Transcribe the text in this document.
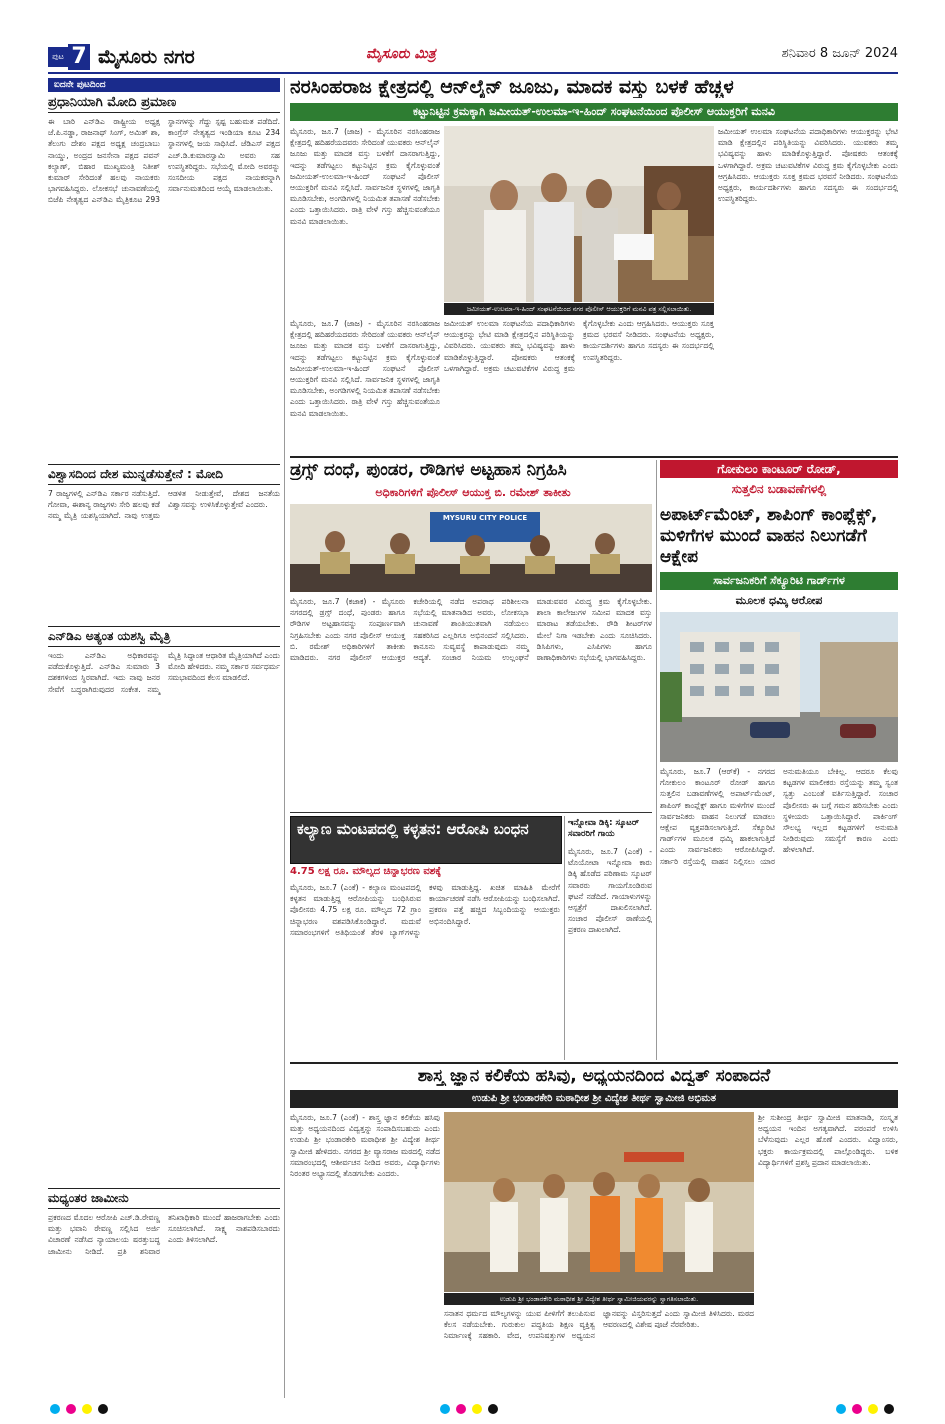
ಪುಟ 7 ಮೈಸೂರು ನಗರ	ಮೈಸೂರು ಮಿತ್ರ	ಶನಿವಾರ 8 ಜೂನ್ 2024
ಐದನೇ ಪುಟದಿಂದ
ಪ್ರಧಾನಿಯಾಗಿ ಮೋದಿ ಪ್ರಮಾಣ
ಈ ಬಾರಿ ಎನ್‌ಡಿಎ ರಾಷ್ಟ್ರೀಯ ಅಧ್ಯಕ್ಷ ಜೆ.ಪಿ.ನಡ್ಡಾ, ರಾಜನಾಥ್ ಸಿಂಗ್, ಅಮಿತ್ ಶಾ, ತೆಲುಗು ದೇಶಂ ಪಕ್ಷದ ಅಧ್ಯಕ್ಷ ಚಂದ್ರಬಾಬು ನಾಯ್ಡು, ಅಂದ್ರದ ಜನಸೇನಾ ಪಕ್ಷದ ಪವನ್ ಕಲ್ಯಾಣ್, ಬಿಹಾರ ಮುಖ್ಯಮಂತ್ರಿ ನಿತೀಶ್ ಕುಮಾರ್ ಸೇರಿದಂತೆ ಹಲವು ನಾಯಕರು ಭಾಗವಹಿಸಿದ್ದರು. ಲೋಕಸಭೆ ಚುನಾವಣೆಯಲ್ಲಿ ಬಿಜೆಪಿ ನೇತೃತ್ವದ ಎನ್‌ಡಿಎ ಮೈತ್ರಿಕೂಟ 293 ಸ್ಥಾನಗಳನ್ನು ಗೆದ್ದು ಸ್ಪಷ್ಟ ಬಹುಮತ ಪಡೆದಿದೆ. ಕಾಂಗ್ರೆಸ್ ನೇತೃತ್ವದ ಇಂಡಿಯಾ ಕೂಟ 234 ಸ್ಥಾನಗಳಲ್ಲಿ ಜಯ ಸಾಧಿಸಿದೆ. ಜೆಡಿಎಸ್ ಪಕ್ಷದ ಎಚ್.ಡಿ.ಕುಮಾರಸ್ವಾಮಿ ಅವರು ಸಹ ಉಪಸ್ಥಿತರಿದ್ದರು. ಸಭೆಯಲ್ಲಿ ಮೋದಿ ಅವರನ್ನು ಸಂಸದೀಯ ಪಕ್ಷದ ನಾಯಕರನ್ನಾಗಿ ಸರ್ವಾನುಮತದಿಂದ ಆಯ್ಕೆ ಮಾಡಲಾಯಿತು.
ವಿಶ್ವಾಸದಿಂದ ದೇಶ ಮುನ್ನಡೆಸುತ್ತೇನೆ : ಮೋದಿ
7 ರಾಜ್ಯಗಳಲ್ಲಿ ಎನ್‌ಡಿಎ ಸರ್ಕಾರ ನಡೆಸುತ್ತಿದೆ. ಗೋವಾ, ಈಶಾನ್ಯ ರಾಜ್ಯಗಳು ಸೇರಿ ಹಲವು ಕಡೆ ನಮ್ಮ ಮೈತ್ರಿ ಯಶಸ್ವಿಯಾಗಿದೆ. ನಾವು ಉತ್ತಮ ಆಡಳಿತ ನೀಡುತ್ತೇವೆ, ದೇಶದ ಜನತೆಯ ವಿಶ್ವಾಸವನ್ನು ಉಳಿಸಿಕೊಳ್ಳುತ್ತೇವೆ ಎಂದರು.
ಎನ್‌ಡಿಎ ಅತ್ಯಂತ ಯಶಸ್ವಿ ಮೈತ್ರಿ
ಇಂದು ಎನ್‌ಡಿಎ ಅಧಿಕಾರವನ್ನು ಪಡೆದುಕೊಳ್ಳುತ್ತಿದೆ. ಎನ್‌ಡಿಎ ಸುಮಾರು 3 ದಶಕಗಳಿಂದ ಸ್ಥಿರವಾಗಿದೆ. ಇದು ನಾವು ಜನರ ಸೇವೆಗೆ ಬದ್ಧರಾಗಿರುವುದರ ಸಂಕೇತ. ನಮ್ಮ ಮೈತ್ರಿ ಸಿದ್ಧಾಂತ ಆಧಾರಿತ ಮೈತ್ರಿಯಾಗಿದೆ ಎಂದು ಮೋದಿ ಹೇಳಿದರು. ನಮ್ಮ ಸರ್ಕಾರ ಸರ್ವಧರ್ಮ ಸಮಭಾವದಿಂದ ಕೆಲಸ ಮಾಡಲಿದೆ.
ಮಧ್ಯಂತರ ಜಾಮೀನು
ಪ್ರಕರಣದ ಮೊದಲ ಆರೋಪಿ ಎಚ್.ಡಿ.ರೇವಣ್ಣ ಮತ್ತು ಭವಾನಿ ರೇವಣ್ಣ ಸಲ್ಲಿಸಿದ ಅರ್ಜಿ ವಿಚಾರಣೆ ನಡೆಸಿದ ನ್ಯಾಯಾಲಯ ಷರತ್ತುಬದ್ಧ ಜಾಮೀನು ನೀಡಿದೆ. ಪ್ರತಿ ಶನಿವಾರ ತನಿಖಾಧಿಕಾರಿ ಮುಂದೆ ಹಾಜರಾಗಬೇಕು ಎಂದು ಸೂಚಿಸಲಾಗಿದೆ. ಸಾಕ್ಷ್ಯ ನಾಶಪಡಿಸಬಾರದು ಎಂದು ತಿಳಿಸಲಾಗಿದೆ.
ನರಸಿಂಹರಾಜ ಕ್ಷೇತ್ರದಲ್ಲಿ ಆನ್‌ಲೈನ್ ಜೂಜು, ಮಾದಕ ವಸ್ತು ಬಳಕೆ ಹೆಚ್ಚಳ
ಕಟ್ಟುನಿಟ್ಟಿನ ಕ್ರಮಕ್ಕಾಗಿ ಜಮೀಯತ್-ಉಲಮಾ-ಇ-ಹಿಂದ್ ಸಂಘಟನೆಯಿಂದ ಪೊಲೀಸ್ ಆಯುಕ್ತರಿಗೆ ಮನವಿ
ಜಮೀಯತ್-ಉಲಮಾ-ಇ-ಹಿಂದ್ ಸಂಘಟನೆಯಿಂದ ನಗರ ಪೊಲೀಸ್ ಆಯುಕ್ತರಿಗೆ ಮನವಿ ಪತ್ರ ಸಲ್ಲಿಸಲಾಯಿತು.
ಮೈಸೂರು, ಜೂ.7 (ಜಾಜ) - ಮೈಸೂರಿನ ನರಸಿಂಹರಾಜ ಕ್ಷೇತ್ರದಲ್ಲಿ ಹದಿಹರೆಯದವರು ಸೇರಿದಂತೆ ಯುವಕರು ಆನ್‌ಲೈನ್ ಜೂಜು ಮತ್ತು ಮಾದಕ ವಸ್ತು ಬಳಕೆಗೆ ದಾಸರಾಗುತ್ತಿದ್ದು, ಇದನ್ನು ತಡೆಗಟ್ಟಲು ಕಟ್ಟುನಿಟ್ಟಿನ ಕ್ರಮ ಕೈಗೊಳ್ಳುವಂತೆ ಜಮೀಯತ್-ಉಲಮಾ-ಇ-ಹಿಂದ್ ಸಂಘಟನೆ ಪೊಲೀಸ್ ಆಯುಕ್ತರಿಗೆ ಮನವಿ ಸಲ್ಲಿಸಿದೆ. ಸಾರ್ವಜನಿಕ ಸ್ಥಳಗಳಲ್ಲಿ ಜಾಗೃತಿ ಮೂಡಿಸಬೇಕು, ಅಂಗಡಿಗಳಲ್ಲಿ ನಿಯಮಿತ ತಪಾಸಣೆ ನಡೆಸಬೇಕು ಎಂದು ಒತ್ತಾಯಿಸಿದರು. ರಾತ್ರಿ ವೇಳೆ ಗಸ್ತು ಹೆಚ್ಚಿಸುವಂತೆಯೂ ಮನವಿ ಮಾಡಲಾಯಿತು.
ಜಮೀಯತ್ ಉಲಮಾ ಸಂಘಟನೆಯ ಪದಾಧಿಕಾರಿಗಳು ಆಯುಕ್ತರನ್ನು ಭೇಟಿ ಮಾಡಿ ಕ್ಷೇತ್ರದಲ್ಲಿನ ಪರಿಸ್ಥಿತಿಯನ್ನು ವಿವರಿಸಿದರು. ಯುವಕರು ತಮ್ಮ ಭವಿಷ್ಯವನ್ನು ಹಾಳು ಮಾಡಿಕೊಳ್ಳುತ್ತಿದ್ದಾರೆ. ಪೋಷಕರು ಆತಂಕಕ್ಕೆ ಒಳಗಾಗಿದ್ದಾರೆ. ಅಕ್ರಮ ಚಟುವಟಿಕೆಗಳ ವಿರುದ್ಧ ಕ್ರಮ ಕೈಗೊಳ್ಳಬೇಕು ಎಂದು ಆಗ್ರಹಿಸಿದರು. ಆಯುಕ್ತರು ಸೂಕ್ತ ಕ್ರಮದ ಭರವಸೆ ನೀಡಿದರು. ಸಂಘಟನೆಯ ಅಧ್ಯಕ್ಷರು, ಕಾರ್ಯದರ್ಶಿಗಳು ಹಾಗೂ ಸದಸ್ಯರು ಈ ಸಂದರ್ಭದಲ್ಲಿ ಉಪಸ್ಥಿತರಿದ್ದರು.
ಜಮೀಯತ್ ಉಲಮಾ ಸಂಘಟನೆಯ ಪದಾಧಿಕಾರಿಗಳು ಆಯುಕ್ತರನ್ನು ಭೇಟಿ ಮಾಡಿ ಕ್ಷೇತ್ರದಲ್ಲಿನ ಪರಿಸ್ಥಿತಿಯನ್ನು ವಿವರಿಸಿದರು. ಯುವಕರು ತಮ್ಮ ಭವಿಷ್ಯವನ್ನು ಹಾಳು ಮಾಡಿಕೊಳ್ಳುತ್ತಿದ್ದಾರೆ. ಪೋಷಕರು ಆತಂಕಕ್ಕೆ ಒಳಗಾಗಿದ್ದಾರೆ. ಅಕ್ರಮ ಚಟುವಟಿಕೆಗಳ ವಿರುದ್ಧ ಕ್ರಮ ಕೈಗೊಳ್ಳಬೇಕು ಎಂದು ಆಗ್ರಹಿಸಿದರು. ಆಯುಕ್ತರು ಸೂಕ್ತ ಕ್ರಮದ ಭರವಸೆ ನೀಡಿದರು. ಸಂಘಟನೆಯ ಅಧ್ಯಕ್ಷರು, ಕಾರ್ಯದರ್ಶಿಗಳು ಹಾಗೂ ಸದಸ್ಯರು ಈ ಸಂದರ್ಭದಲ್ಲಿ ಉಪಸ್ಥಿತರಿದ್ದರು.
ಮೈಸೂರು, ಜೂ.7 (ಜಾಜ) - ಮೈಸೂರಿನ ನರಸಿಂಹರಾಜ ಕ್ಷೇತ್ರದಲ್ಲಿ ಹದಿಹರೆಯದವರು ಸೇರಿದಂತೆ ಯುವಕರು ಆನ್‌ಲೈನ್ ಜೂಜು ಮತ್ತು ಮಾದಕ ವಸ್ತು ಬಳಕೆಗೆ ದಾಸರಾಗುತ್ತಿದ್ದು, ಇದನ್ನು ತಡೆಗಟ್ಟಲು ಕಟ್ಟುನಿಟ್ಟಿನ ಕ್ರಮ ಕೈಗೊಳ್ಳುವಂತೆ ಜಮೀಯತ್-ಉಲಮಾ-ಇ-ಹಿಂದ್ ಸಂಘಟನೆ ಪೊಲೀಸ್ ಆಯುಕ್ತರಿಗೆ ಮನವಿ ಸಲ್ಲಿಸಿದೆ. ಸಾರ್ವಜನಿಕ ಸ್ಥಳಗಳಲ್ಲಿ ಜಾಗೃತಿ ಮೂಡಿಸಬೇಕು, ಅಂಗಡಿಗಳಲ್ಲಿ ನಿಯಮಿತ ತಪಾಸಣೆ ನಡೆಸಬೇಕು ಎಂದು ಒತ್ತಾಯಿಸಿದರು. ರಾತ್ರಿ ವೇಳೆ ಗಸ್ತು ಹೆಚ್ಚಿಸುವಂತೆಯೂ ಮನವಿ ಮಾಡಲಾಯಿತು.
ಡ್ರಗ್ಸ್ ದಂಧೆ, ಪುಂಡರ, ರೌಡಿಗಳ ಅಟ್ಟಹಾಸ ನಿಗ್ರಹಿಸಿ
ಅಧಿಕಾರಿಗಳಿಗೆ ಪೊಲೀಸ್ ಆಯುಕ್ತ ಬಿ. ರಮೇಶ್ ತಾಕೀತು
MYSURU CITY POLICE
ಮೈಸೂರು, ಜೂ.7 (ಕಜಾಕ) - ಮೈಸೂರು ನಗರದಲ್ಲಿ ಡ್ರಗ್ಸ್ ದಂಧೆ, ಪುಂಡರು ಹಾಗೂ ರೌಡಿಗಳ ಅಟ್ಟಹಾಸವನ್ನು ಸಂಪೂರ್ಣವಾಗಿ ನಿಗ್ರಹಿಸಬೇಕು ಎಂದು ನಗರ ಪೊಲೀಸ್ ಆಯುಕ್ತ ಬಿ. ರಮೇಶ್ ಅಧಿಕಾರಿಗಳಿಗೆ ತಾಕೀತು ಮಾಡಿದರು. ನಗರ ಪೊಲೀಸ್ ಆಯುಕ್ತರ ಕಚೇರಿಯಲ್ಲಿ ನಡೆದ ಅಪರಾಧ ಪರಿಶೀಲನಾ ಸಭೆಯಲ್ಲಿ ಮಾತನಾಡಿದ ಅವರು, ಲೋಕಸಭಾ ಚುನಾವಣೆ ಶಾಂತಿಯುತವಾಗಿ ನಡೆಯಲು ಸಹಕರಿಸಿದ ಎಲ್ಲರಿಗೂ ಅಭಿನಂದನೆ ಸಲ್ಲಿಸಿದರು. ಕಾನೂನು ಸುವ್ಯವಸ್ಥೆ ಕಾಪಾಡುವುದು ನಮ್ಮ ಆದ್ಯತೆ. ಸಂಚಾರ ನಿಯಮ ಉಲ್ಲಂಘನೆ ಮಾಡುವವರ ವಿರುದ್ಧ ಕ್ರಮ ಕೈಗೊಳ್ಳಬೇಕು. ಶಾಲಾ ಕಾಲೇಜುಗಳ ಸಮೀಪ ಮಾದಕ ವಸ್ತು ಮಾರಾಟ ತಡೆಯಬೇಕು. ರೌಡಿ ಶೀಟರ್‌ಗಳ ಮೇಲೆ ನಿಗಾ ಇಡಬೇಕು ಎಂದು ಸೂಚಿಸಿದರು. ಡಿಸಿಪಿಗಳು, ಎಸಿಪಿಗಳು ಹಾಗೂ ಠಾಣಾಧಿಕಾರಿಗಳು ಸಭೆಯಲ್ಲಿ ಭಾಗವಹಿಸಿದ್ದರು.
ಗೋಕುಲಂ ಕಾಂಟೂರ್ ರೋಡ್,
ಸುತ್ತಲಿನ ಬಡಾವಣೆಗಳಲ್ಲಿ
ಅಪಾರ್ಟ್‌ಮೆಂಟ್, ಶಾಪಿಂಗ್ ಕಾಂಪ್ಲೆಕ್ಸ್, ಮಳಿಗೆಗಳ ಮುಂದೆ ವಾಹನ ನಿಲುಗಡೆಗೆ ಆಕ್ಷೇಪ
ಸಾರ್ವಜನಿಕರಿಗೆ ಸೆಕ್ಯೂರಿಟಿ ಗಾರ್ಡ್‌ಗಳ
ಮೂಲಕ ಧಮ್ಕಿ ಆರೋಪ
ಮೈಸೂರು, ಜೂ.7 (ಆರ್‌ಕೆ) - ನಗರದ ಗೋಕುಲಂ ಕಾಂಟೂರ್ ರೋಡ್ ಹಾಗೂ ಸುತ್ತಲಿನ ಬಡಾವಣೆಗಳಲ್ಲಿ ಅಪಾರ್ಟ್‌ಮೆಂಟ್, ಶಾಪಿಂಗ್ ಕಾಂಪ್ಲೆಕ್ಸ್ ಹಾಗೂ ಮಳಿಗೆಗಳ ಮುಂದೆ ಸಾರ್ವಜನಿಕರು ವಾಹನ ನಿಲುಗಡೆ ಮಾಡಲು ಆಕ್ಷೇಪ ವ್ಯಕ್ತಪಡಿಸಲಾಗುತ್ತಿದೆ. ಸೆಕ್ಯೂರಿಟಿ ಗಾರ್ಡ್‌ಗಳ ಮೂಲಕ ಧಮ್ಕಿ ಹಾಕಲಾಗುತ್ತಿದೆ ಎಂದು ಸಾರ್ವಜನಿಕರು ಆರೋಪಿಸಿದ್ದಾರೆ. ಸರ್ಕಾರಿ ರಸ್ತೆಯಲ್ಲಿ ವಾಹನ ನಿಲ್ಲಿಸಲು ಯಾರ ಅನುಮತಿಯೂ ಬೇಕಿಲ್ಲ. ಆದರೂ ಕೆಲವು ಕಟ್ಟಡಗಳ ಮಾಲೀಕರು ರಸ್ತೆಯನ್ನು ತಮ್ಮ ಸ್ವಂತ ಸ್ವತ್ತು ಎಂಬಂತೆ ವರ್ತಿಸುತ್ತಿದ್ದಾರೆ. ಸಂಚಾರ ಪೊಲೀಸರು ಈ ಬಗ್ಗೆ ಗಮನ ಹರಿಸಬೇಕು ಎಂದು ಸ್ಥಳೀಯರು ಒತ್ತಾಯಿಸಿದ್ದಾರೆ. ಪಾರ್ಕಿಂಗ್ ಸೌಲಭ್ಯ ಇಲ್ಲದ ಕಟ್ಟಡಗಳಿಗೆ ಅನುಮತಿ ನೀಡಿರುವುದು ಸಮಸ್ಯೆಗೆ ಕಾರಣ ಎಂದು ಹೇಳಲಾಗಿದೆ.
ಕಲ್ಯಾಣ ಮಂಟಪದಲ್ಲಿ ಕಳ್ಳತನ: ಆರೋಪಿ ಬಂಧನ
4.75 ಲಕ್ಷ ರೂ. ಮೌಲ್ಯದ ಚಿನ್ನಾಭರಣ ವಶಕ್ಕೆ
ಮೈಸೂರು, ಜೂ.7 (ಎಂಕೆ) - ಕಲ್ಯಾಣ ಮಂಟಪದಲ್ಲಿ ಕಳ್ಳತನ ಮಾಡುತ್ತಿದ್ದ ಆರೋಪಿಯನ್ನು ಬಂಧಿಸಿರುವ ಪೊಲೀಸರು 4.75 ಲಕ್ಷ ರೂ. ಮೌಲ್ಯದ 72 ಗ್ರಾಂ ಚಿನ್ನಾಭರಣ ವಶಪಡಿಸಿಕೊಂಡಿದ್ದಾರೆ. ಮದುವೆ ಸಮಾರಂಭಗಳಿಗೆ ಅತಿಥಿಯಂತೆ ತೆರಳಿ ಬ್ಯಾಗ್‌ಗಳನ್ನು ಕಳವು ಮಾಡುತ್ತಿದ್ದ. ಖಚಿತ ಮಾಹಿತಿ ಮೇರೆಗೆ ಕಾರ್ಯಾಚರಣೆ ನಡೆಸಿ ಆರೋಪಿಯನ್ನು ಬಂಧಿಸಲಾಗಿದೆ. ಪ್ರಕರಣ ಪತ್ತೆ ಹಚ್ಚಿದ ಸಿಬ್ಬಂದಿಯನ್ನು ಆಯುಕ್ತರು ಅಭಿನಂದಿಸಿದ್ದಾರೆ.
ಇನ್ನೋವಾ ಡಿಕ್ಕಿ: ಸ್ಕೂಟರ್ ಸವಾರರಿಗೆ ಗಾಯ
ಮೈಸೂರು, ಜೂ.7 (ಎಂಕೆ) - ಟೊಯೋಟಾ ಇನ್ನೋವಾ ಕಾರು ಡಿಕ್ಕಿ ಹೊಡೆದ ಪರಿಣಾಮ ಸ್ಕೂಟರ್ ಸವಾರರು ಗಾಯಗೊಂಡಿರುವ ಘಟನೆ ನಡೆದಿದೆ. ಗಾಯಾಳುಗಳನ್ನು ಆಸ್ಪತ್ರೆಗೆ ದಾಖಲಿಸಲಾಗಿದೆ. ಸಂಚಾರ ಪೊಲೀಸ್ ಠಾಣೆಯಲ್ಲಿ ಪ್ರಕರಣ ದಾಖಲಾಗಿದೆ.
ಶಾಸ್ತ್ರ ಜ್ಞಾನ ಕಲಿಕೆಯ ಹಸಿವು, ಅಧ್ಯಯನದಿಂದ ವಿದ್ವತ್ ಸಂಪಾದನೆ
ಉಡುಪಿ ಶ್ರೀ ಭಂಡಾರಕೇರಿ ಮಠಾಧೀಶ ಶ್ರೀ ವಿದ್ಯೇಶ ತೀರ್ಥ ಸ್ವಾಮೀಜಿ ಅಭಿಮತ
ಮೈಸೂರು, ಜೂ.7 (ಎಂಕೆ) - ಶಾಸ್ತ್ರ ಜ್ಞಾನ ಕಲಿಕೆಯ ಹಸಿವು ಮತ್ತು ಅಧ್ಯಯನದಿಂದ ವಿದ್ವತ್ತನ್ನು ಸಂಪಾದಿಸಬಹುದು ಎಂದು ಉಡುಪಿ ಶ್ರೀ ಭಂಡಾರಕೇರಿ ಮಠಾಧೀಶ ಶ್ರೀ ವಿದ್ಯೇಶ ತೀರ್ಥ ಸ್ವಾಮೀಜಿ ಹೇಳಿದರು. ನಗರದ ಶ್ರೀ ವ್ಯಾಸರಾಜ ಮಠದಲ್ಲಿ ನಡೆದ ಸಮಾರಂಭದಲ್ಲಿ ಆಶೀರ್ವಚನ ನೀಡಿದ ಅವರು, ವಿದ್ಯಾರ್ಥಿಗಳು ನಿರಂತರ ಅಭ್ಯಾಸದಲ್ಲಿ ತೊಡಗಬೇಕು ಎಂದರು.
ಉಡುಪಿ ಶ್ರೀ ಭಂಡಾರಕೇರಿ ಮಠಾಧೀಶ ಶ್ರೀ ವಿದ್ಯೇಶ ತೀರ್ಥ ಸ್ವಾಮೀಜಿಯವರನ್ನು ಸ್ವಾಗತಿಸಲಾಯಿತು.
ಶ್ರೀ ಸುಶೀಂದ್ರ ತೀರ್ಥ ಸ್ವಾಮೀಜಿ ಮಾತನಾಡಿ, ಸಂಸ್ಕೃತ ಅಧ್ಯಯನ ಇಂದಿನ ಅಗತ್ಯವಾಗಿದೆ. ಪರಂಪರೆ ಉಳಿಸಿ ಬೆಳೆಸುವುದು ಎಲ್ಲರ ಹೊಣೆ ಎಂದರು. ವಿದ್ವಾಂಸರು, ಭಕ್ತರು ಕಾರ್ಯಕ್ರಮದಲ್ಲಿ ಪಾಲ್ಗೊಂಡಿದ್ದರು. ಬಳಿಕ ವಿದ್ಯಾರ್ಥಿಗಳಿಗೆ ಪ್ರಶಸ್ತಿ ಪ್ರದಾನ ಮಾಡಲಾಯಿತು.
ಸನಾತನ ಧರ್ಮದ ಮೌಲ್ಯಗಳನ್ನು ಯುವ ಪೀಳಿಗೆಗೆ ತಲುಪಿಸುವ ಕೆಲಸ ನಡೆಯಬೇಕು. ಗುರುಕುಲ ಪದ್ಧತಿಯ ಶಿಕ್ಷಣ ವ್ಯಕ್ತಿತ್ವ ನಿರ್ಮಾಣಕ್ಕೆ ಸಹಕಾರಿ. ವೇದ, ಉಪನಿಷತ್ತುಗಳ ಅಧ್ಯಯನ ಜ್ಞಾನವನ್ನು ವಿಸ್ತರಿಸುತ್ತದೆ ಎಂದು ಸ್ವಾಮೀಜಿ ತಿಳಿಸಿದರು. ಮಠದ ಆವರಣದಲ್ಲಿ ವಿಶೇಷ ಪೂಜೆ ನೆರವೇರಿತು.
